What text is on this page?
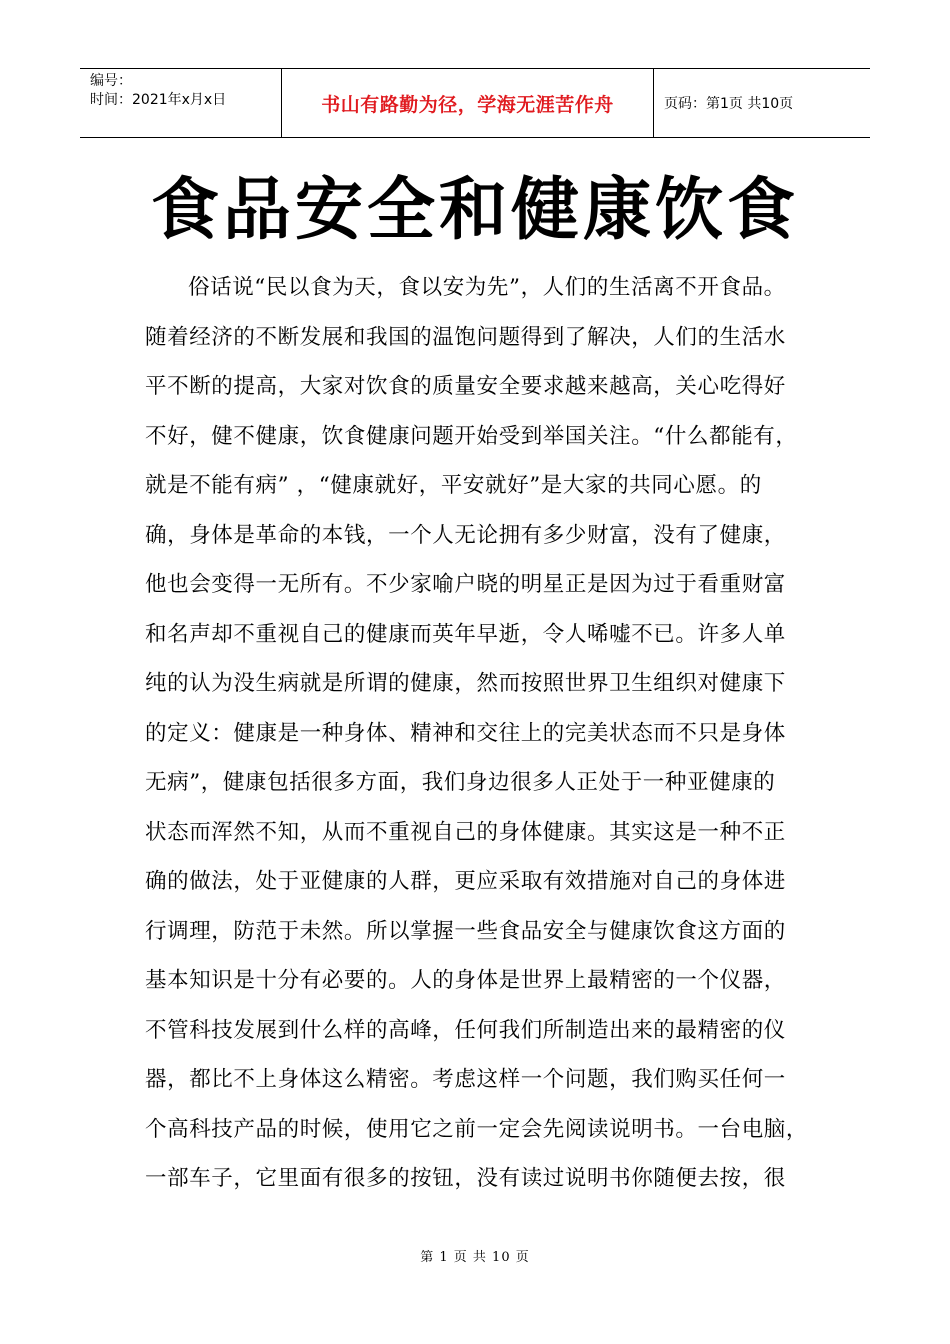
编号：
时间：2021年x月x日	书山有路勤为径，学海无涯苦作舟	页码：第1页 共10页
食品安全和健康饮食
俗话说“民以食为天，食以安为先”，人们的生活离不开食品。
随着经济的不断发展和我国的温饱问题得到了解决，人们的生活水
平不断的提高，大家对饮食的质量安全要求越来越高，关心吃得好
不好，健不健康，饮食健康问题开始受到举国关注。“什么都能有，
就是不能有病” ，“健康就好，平安就好”是大家的共同心愿。的
确，身体是革命的本钱，一个人无论拥有多少财富，没有了健康，
他也会变得一无所有。不少家喻户晓的明星正是因为过于看重财富
和名声却不重视自己的健康而英年早逝，令人唏嘘不已。许多人单
纯的认为没生病就是所谓的健康，然而按照世界卫生组织对健康下
的定义：健康是一种身体、精神和交往上的完美状态而不只是身体
无病”，健康包括很多方面，我们身边很多人正处于一种亚健康的
状态而浑然不知，从而不重视自己的身体健康。其实这是一种不正
确的做法，处于亚健康的人群，更应采取有效措施对自己的身体进
行调理，防范于未然。所以掌握一些食品安全与健康饮食这方面的
基本知识是十分有必要的。人的身体是世界上最精密的一个仪器，
不管科技发展到什么样的高峰，任何我们所制造出来的最精密的仪
器，都比不上身体这么精密。考虑这样一个问题，我们购买任何一
个高科技产品的时候，使用它之前一定会先阅读说明书。一台电脑，
一部车子，它里面有很多的按钮，没有读过说明书你随便去按，很
第 1 页 共 10 页
